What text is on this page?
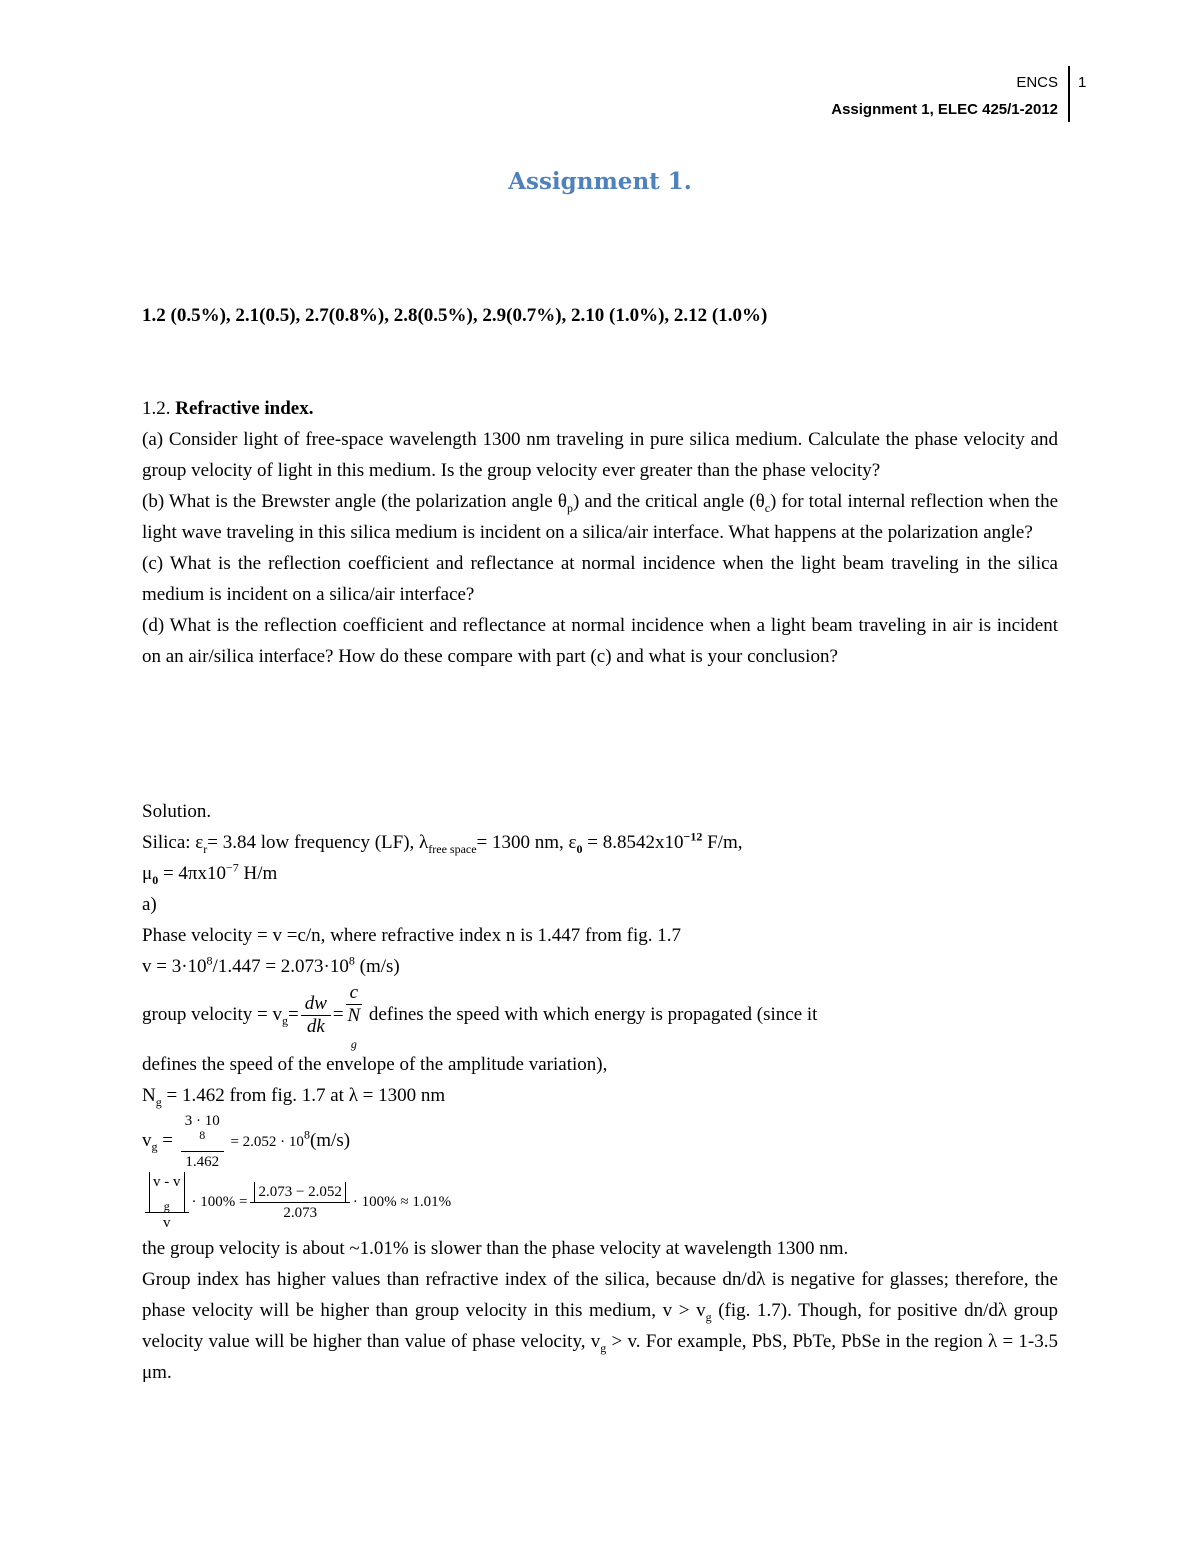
ENCS
Assignment 1, ELEC 425/1-2012
1
Assignment 1.
1.2 (0.5%), 2.1(0.5), 2.7(0.8%), 2.8(0.5%), 2.9(0.7%), 2.10 (1.0%), 2.12 (1.0%)

1.2. Refractive index.

(a) Consider light of free-space wavelength 1300 nm traveling in pure silica medium. Calculate the phase velocity and group velocity of light in this medium. Is the group velocity ever greater than the phase velocity?

(b) What is the Brewster angle (the polarization angle $\theta_p$) and the critical angle $(\theta_c)$ for total internal reflection when the light wave traveling in this silica medium is incident on a silica/air interface. What happens at the polarization angle?

(c) What is the reflection coefficient and reflectance at normal incidence when the light beam traveling in the silica medium is incident on a silica/air interface?

(d) What is the reflection coefficient and reflectance at normal incidence when a light beam traveling in air is incident on an air/silica interface? How do these compare with part (c) and what is your conclusion?

Solution.

Silica: $\varepsilon_r= 3.84$ low frequency (LF), $\lambda_{free space}= 1300$ nm, $\varepsilon_0 = 8.8542x10^{-12}$ F/m,

$\mu_0 = 4\pi x10^{-7}$ H/m

a)

Phase velocity = v =c/n, where refractive index n is 1.447 from fig. 1.7

$v = 3\cdot 10^8/1.447 = 2.073\cdot 10^8$ (m/s)

group velocity = $v_g= \frac{dw}{dk} = c$
N
$_g$ defines the speed with which energy is propagated (since it

defines the speed of the envelope of the amplitude variation),

$N_g = 1.462$ from fig. 1.7 at λ = 1300 nm

$v_g = 3 \cdot 10$
$^8$
$1.462 = 2.052 \cdot 10^8(m/s)$

v - v
$_g$
$v \cdot 100\% = \frac{2.073 - 2.052}{2.073} \cdot 100\% \approx 1.01\%$

the group velocity is about ~1.01% is slower than the phase velocity at wavelength 1300 nm.

Group index has higher values than refractive index of the silica, because dn/dλ is negative for glasses; therefore, the phase velocity will be higher than group velocity in this medium, $v > v_g$ (fig. 1.7). Though, for positive dn/dλ group velocity value will be higher than value of phase velocity, $v_g > v$. For example, PbS, PbTe, PbSe in the region λ = 1-3.5 μm.
